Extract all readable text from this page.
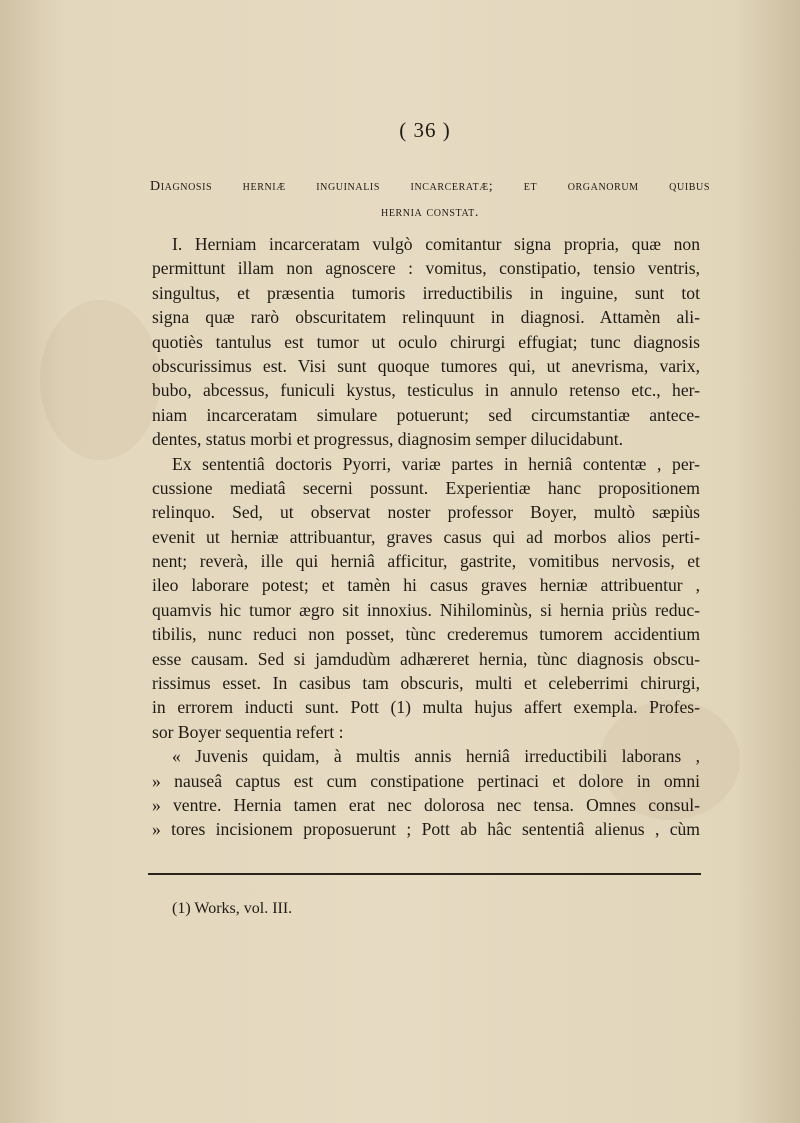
( 36 )
Diagnosis herniæ inguinalis incarceratæ; et organorum quibus
hernia constat.
I. Herniam incarceratam vulgò comitantur signa propria, quæ non
permittunt illam non agnoscere : vomitus, constipatio, tensio ventris,
singultus, et præsentia tumoris irreductibilis in inguine, sunt tot
signa quæ rarò obscuritatem relinquunt in diagnosi. Attamèn ali-
quotiès tantulus est tumor ut oculo chirurgi effugiat; tunc diagnosis
obscurissimus est. Visi sunt quoque tumores qui, ut anevrisma, varix,
bubo, abcessus, funiculi kystus, testiculus in annulo retenso etc., her-
niam incarceratam simulare potuerunt; sed circumstantiæ antece-
dentes, status morbi et progressus, diagnosim semper dilucidabunt.
Ex sententiâ doctoris Pyorri, variæ partes in herniâ contentæ , per-
cussione mediatâ secerni possunt. Experientiæ hanc propositionem
relinquo. Sed, ut observat noster professor Boyer, multò sæpiùs
evenit ut herniæ attribuantur, graves casus qui ad morbos alios perti-
nent; reverà, ille qui herniâ afficitur, gastrite, vomitibus nervosis, et
ileo laborare potest; et tamèn hi casus graves herniæ attribuentur ,
quamvis hic tumor ægro sit innoxius. Nihilominùs, si hernia priùs reduc-
tibilis, nunc reduci non posset, tùnc crederemus tumorem accidentium
esse causam. Sed si jamdudùm adhæreret hernia, tùnc diagnosis obscu-
rissimus esset. In casibus tam obscuris, multi et celeberrimi chirurgi,
in errorem inducti sunt. Pott (1) multa hujus affert exempla. Profes-
sor Boyer sequentia refert :
« Juvenis quidam, à multis annis herniâ irreductibili laborans ,
» nauseâ captus est cum constipatione pertinaci et dolore in omni
» ventre. Hernia tamen erat nec dolorosa nec tensa. Omnes consul-
» tores incisionem proposuerunt ; Pott ab hâc sententiâ alienus , cùm
(1) Works, vol. III.
